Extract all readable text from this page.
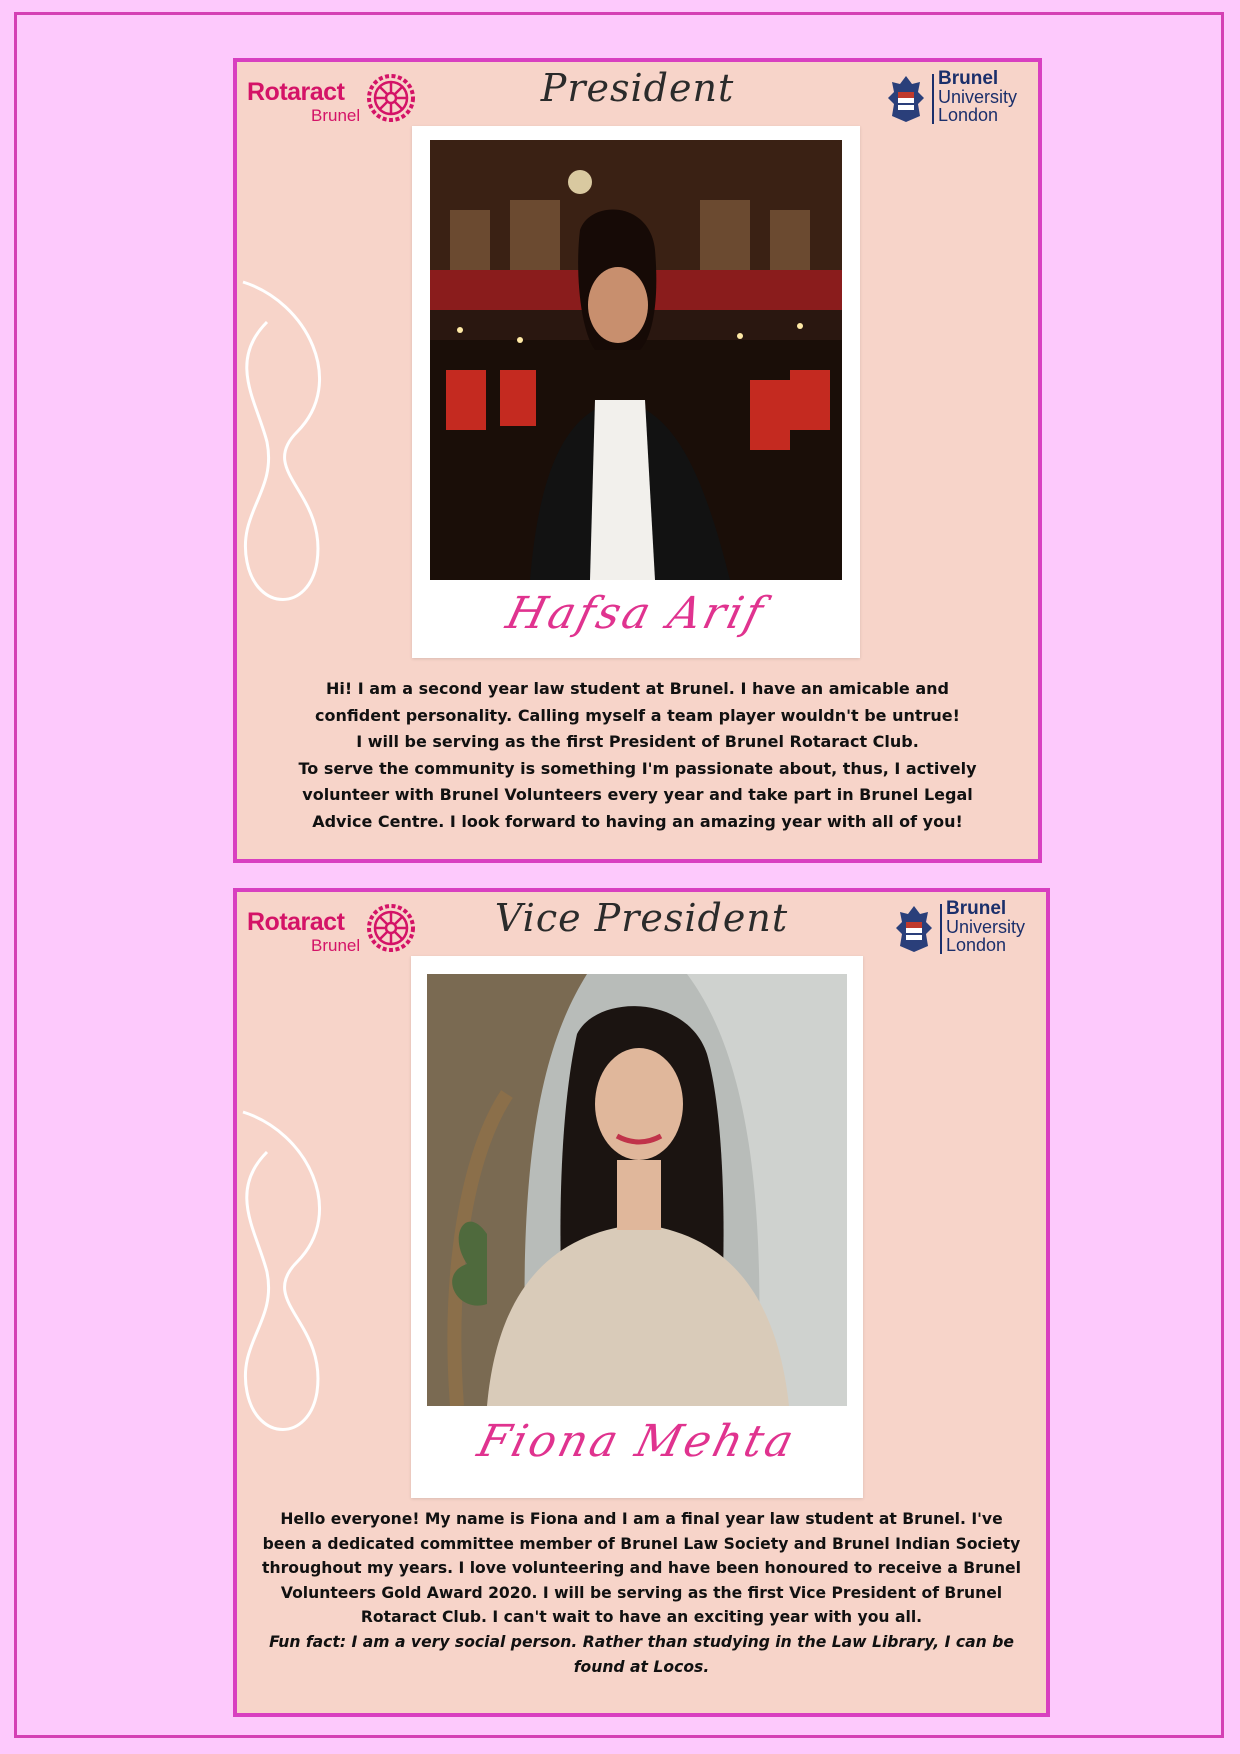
Rotaract
Brunel
President	Brunel
University
London
Hafsa Arif

Hi! I am a second year law student at Brunel. I have an amicable and

confident personality. Calling myself a team player wouldn't be untrue!

I will be serving as the first President of Brunel Rotaract Club.

To serve the community is something I'm passionate about, thus, I actively

volunteer with Brunel Volunteers every year and take part in Brunel Legal

Advice Centre. I look forward to having an amazing year with all of you!

Rotaract
Brunel
Vice President	Brunel
University
London
Fiona Mehta

Hello everyone! My name is Fiona and I am a final year law student at Brunel. I've

been a dedicated committee member of Brunel Law Society and Brunel Indian Society

throughout my years. I love volunteering and have been honoured to receive a Brunel

Volunteers Gold Award 2020. I will be serving as the first Vice President of Brunel

Rotaract Club. I can't wait to have an exciting year with you all.

Fun fact: I am a very social person. Rather than studying in the Law Library, I can be

found at Locos.
